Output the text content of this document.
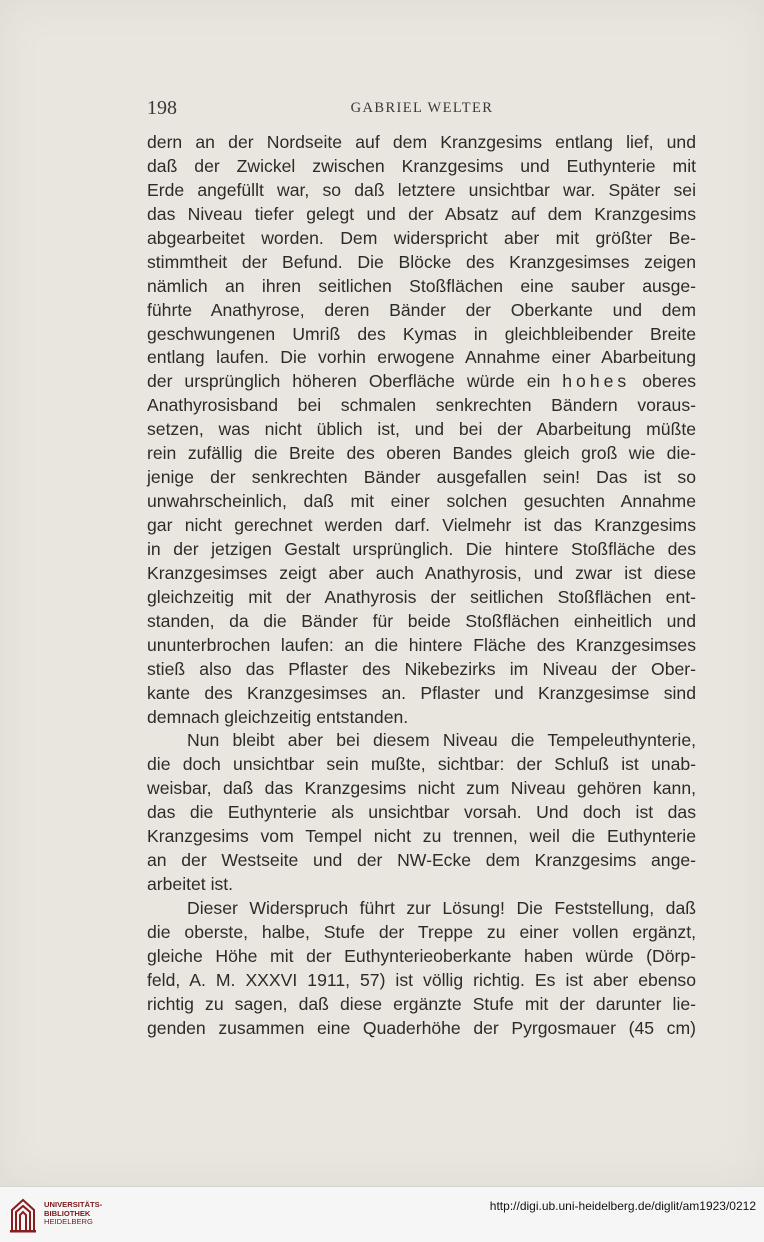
198	GABRIEL WELTER
dern an der Nordseite auf dem Kranzgesims entlang lief, und
daß der Zwickel zwischen Kranzgesims und Euthynterie mit
Erde angefüllt war, so daß letztere unsichtbar war. Später sei
das Niveau tiefer gelegt und der Absatz auf dem Kranzgesims
abgearbeitet worden. Dem widerspricht aber mit größter Be-
stimmtheit der Befund. Die Blöcke des Kranzgesimses zeigen
nämlich an ihren seitlichen Stoßflächen eine sauber ausge-
führte Anathyrose, deren Bänder der Oberkante und dem
geschwungenen Umriß des Kymas in gleichbleibender Breite
entlang laufen. Die vorhin erwogene Annahme einer Abarbeitung
der ursprünglich höheren Oberfläche würde ein hohes oberes
Anathyrosisband bei schmalen senkrechten Bändern voraus-
setzen, was nicht üblich ist, und bei der Abarbeitung müßte
rein zufällig die Breite des oberen Bandes gleich groß wie die-
jenige der senkrechten Bänder ausgefallen sein! Das ist so
unwahrscheinlich, daß mit einer solchen gesuchten Annahme
gar nicht gerechnet werden darf. Vielmehr ist das Kranzgesims
in der jetzigen Gestalt ursprünglich. Die hintere Stoßfläche des
Kranzgesimses zeigt aber auch Anathyrosis, und zwar ist diese
gleichzeitig mit der Anathyrosis der seitlichen Stoßflächen ent-
standen, da die Bänder für beide Stoßflächen einheitlich und
ununterbrochen laufen: an die hintere Fläche des Kranzgesimses
stieß also das Pflaster des Nikebezirks im Niveau der Ober-
kante des Kranzgesimses an. Pflaster und Kranzgesimse sind
demnach gleichzeitig entstanden.
Nun bleibt aber bei diesem Niveau die Tempeleuthynterie,
die doch unsichtbar sein mußte, sichtbar: der Schluß ist unab-
weisbar, daß das Kranzgesims nicht zum Niveau gehören kann,
das die Euthynterie als unsichtbar vorsah. Und doch ist das
Kranzgesims vom Tempel nicht zu trennen, weil die Euthynterie
an der Westseite und der NW-Ecke dem Kranzgesims ange-
arbeitet ist.
Dieser Widerspruch führt zur Lösung! Die Feststellung, daß
die oberste, halbe, Stufe der Treppe zu einer vollen ergänzt,
gleiche Höhe mit der Euthynterieoberkante haben würde (Dörp-
feld, A. M. XXXVI 1911, 57) ist völlig richtig. Es ist aber ebenso
richtig zu sagen, daß diese ergänzte Stufe mit der darunter lie-
genden zusammen eine Quaderhöhe der Pyrgosmauer (45 cm)
UNIVERSITÄTS-
BIBLIOTHEK
HEIDELBERG
http://digi.ub.uni-heidelberg.de/diglit/am1923/0212
